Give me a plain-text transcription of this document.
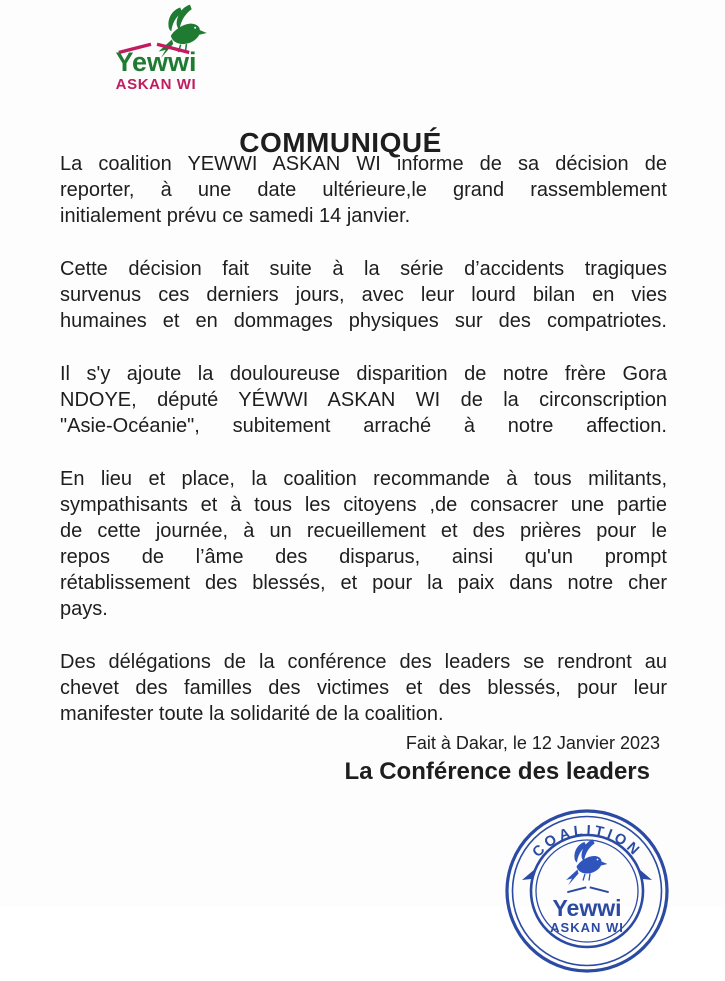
Yewwi
ASKAN WI
COMMUNIQUÉ

La coalition YEWWI ASKAN WI informe de sa décision de
reporter, à une date ultérieure,le grand rassemblement
initialement prévu ce samedi 14 janvier.

Cette décision fait suite à la série d’accidents tragiques
survenus ces derniers jours, avec leur lourd bilan en vies
humaines et en dommages physiques sur des compatriotes.

Il s'y ajoute la douloureuse disparition de notre frère Gora
NDOYE, député YÉWWI ASKAN WI de la circonscription
"Asie-Océanie", subitement arraché à notre affection.

En lieu et place, la coalition recommande à tous militants,
sympathisants et à tous les citoyens ,de consacrer une partie
de cette journée, à un recueillement et des prières pour le
repos de l’âme des disparus, ainsi qu'un prompt
rétablissement des blessés, et pour la paix dans notre cher
pays.

Des délégations de la conférence des leaders se rendront au
chevet des familles des victimes et des blessés, pour leur
manifester toute la solidarité de la coalition.

Fait à Dakar, le 12 Janvier 2023
La Conférence des leaders
COALITION
Yewwi
ASKAN WI
